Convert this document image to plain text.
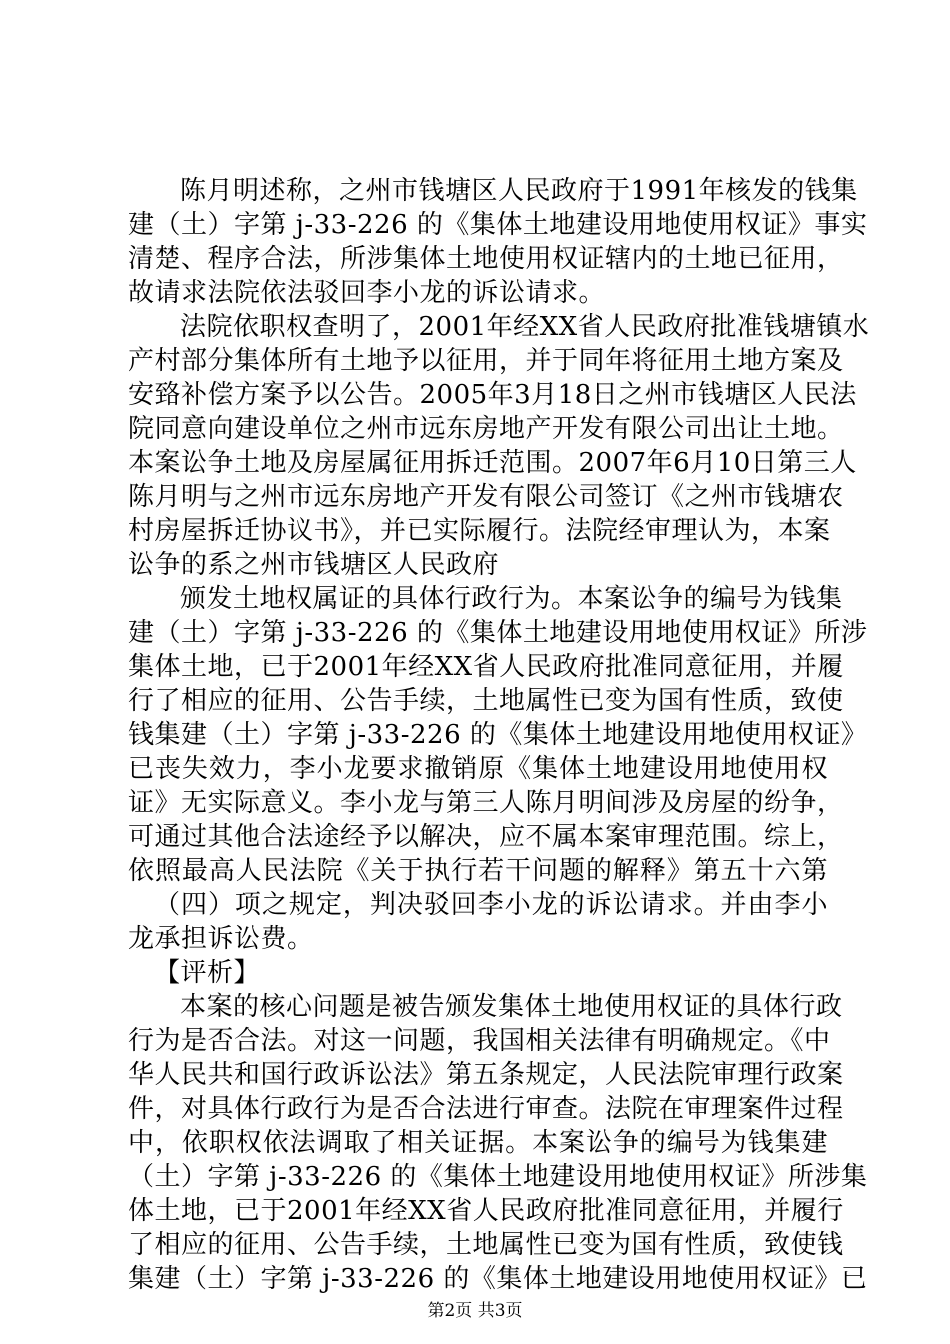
陈月明述称，之州市钱塘区人民政府于1991年核发的钱集
建（土）字第 j-33-226 的《集体土地建设用地使用权证》事实
清楚、程序合法，所涉集体土地使用权证辖内的土地已征用，
故请求法院依法驳回李小龙的诉讼请求。
法院依职权查明了，2001年经XX省人民政府批准钱塘镇水
产村部分集体所有土地予以征用，并于同年将征用土地方案及
安臵补偿方案予以公告。2005年3月18日之州市钱塘区人民法
院同意向建设单位之州市远东房地产开发有限公司出让土地。
本案讼争土地及房屋属征用拆迁范围。2007年6月10日第三人
陈月明与之州市远东房地产开发有限公司签订《之州市钱塘农
村房屋拆迁协议书》，并已实际履行。法院经审理认为，本案
讼争的系之州市钱塘区人民政府
颁发土地权属证的具体行政行为。本案讼争的编号为钱集
建（土）字第 j-33-226 的《集体土地建设用地使用权证》所涉
集体土地，已于2001年经XX省人民政府批准同意征用，并履
行了相应的征用、公告手续，土地属性已变为国有性质，致使
钱集建（土）字第 j-33-226 的《集体土地建设用地使用权证》
已丧失效力，李小龙要求撤销原《集体土地建设用地使用权
证》无实际意义。李小龙与第三人陈月明间涉及房屋的纷争，
可通过其他合法途经予以解决，应不属本案审理范围。综上，
依照最高人民法院《关于执行若干问题的解释》第五十六第
（四）项之规定，判决驳回李小龙的诉讼请求。并由李小
龙承担诉讼费。
【评析】
本案的核心问题是被告颁发集体土地使用权证的具体行政
行为是否合法。对这一问题，我国相关法律有明确规定。《中
华人民共和国行政诉讼法》第五条规定，人民法院审理行政案
件，对具体行政行为是否合法进行审查。法院在审理案件过程
中，依职权依法调取了相关证据。本案讼争的编号为钱集建
（土）字第 j-33-226 的《集体土地建设用地使用权证》所涉集
体土地，已于2001年经XX省人民政府批准同意征用，并履行
了相应的征用、公告手续，土地属性已变为国有性质，致使钱
集建（土）字第 j-33-226 的《集体土地建设用地使用权证》已
第2页 共3页
